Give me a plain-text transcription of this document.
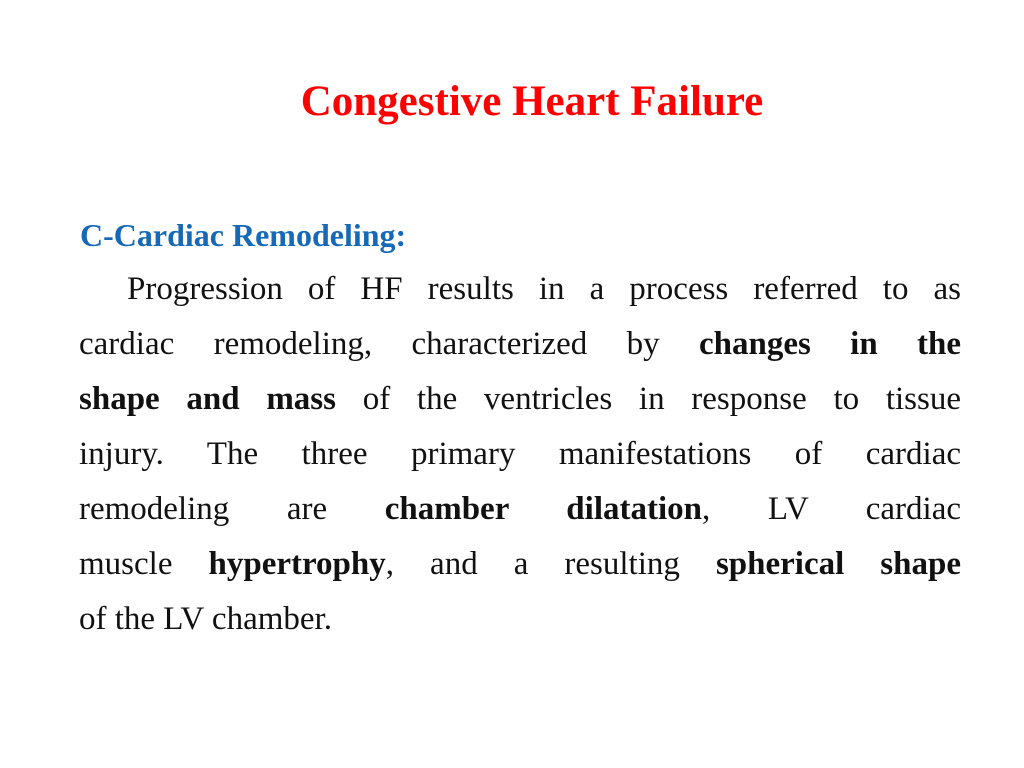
Congestive Heart Failure
C-Cardiac Remodeling:
Progression of HF results in a process referred to as
cardiac remodeling, characterized by changes in the
shape and mass of the ventricles in response to tissue
injury. The three primary manifestations of cardiac
remodeling are chamber dilatation, LV cardiac
muscle hypertrophy, and a resulting spherical shape
of the LV chamber.
